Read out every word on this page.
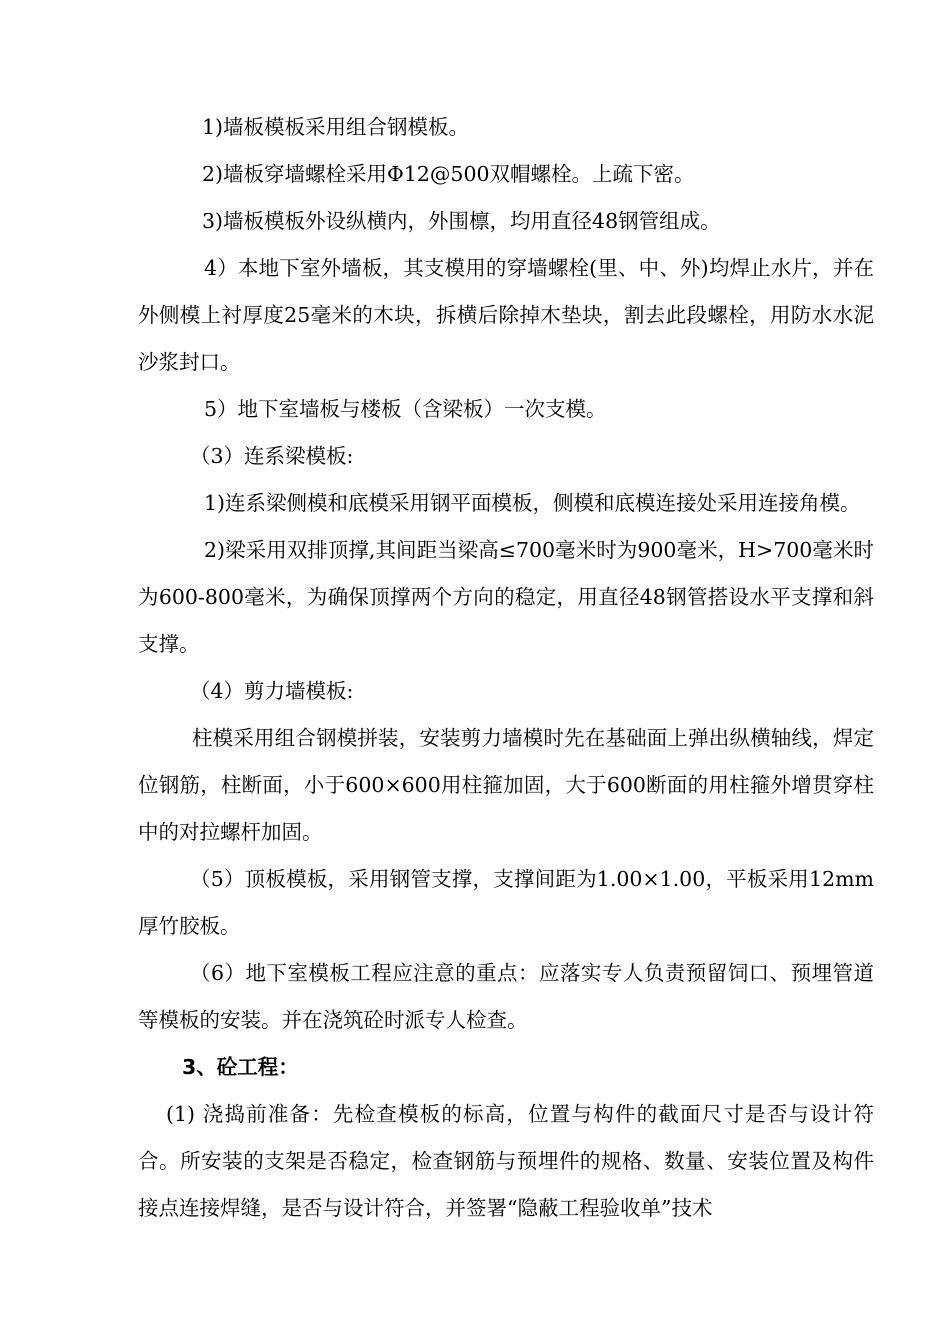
1)墙板模板采用组合钢模板。

2)墙板穿墙螺栓采用Φ12@500双帽螺栓。上疏下密。

3)墙板模板外设纵横内，外围檩，均用直径48钢管组成。

4）本地下室外墙板，其支模用的穿墙螺栓(里、中、外)均焊止水片，并在外侧模上衬厚度25毫米的木块，拆横后除掉木垫块，割去此段螺栓，用防水水泥沙浆封口。

5）地下室墙板与楼板（含梁板）一次支模。

（3）连系梁模板:

1)连系梁侧模和底模采用钢平面模板，侧模和底模连接处采用连接角模。

2)梁采用双排顶撑,其间距当梁高≤700毫米时为900毫米，H>700毫米时为600-800毫米，为确保顶撑两个方向的稳定，用直径48钢管搭设水平支撑和斜支撑。

（4）剪力墙模板:

柱模采用组合钢模拼装，安装剪力墙模时先在基础面上弹出纵横轴线，焊定位钢筋，柱断面，小于600×600用柱箍加固，大于600断面的用柱箍外增贯穿柱中的对拉螺杆加固。

（5）顶板模板，采用钢管支撑，支撑间距为1.00×1.00，平板采用12mm厚竹胶板。

（6）地下室模板工程应注意的重点：应落实专人负责预留饲口、预埋管道等模板的安装。并在浇筑砼时派专人检查。

3、砼工程：

(1) 浇捣前准备：先检查模板的标高，位置与构件的截面尺寸是否与设计符合。所安装的支架是否稳定，检查钢筋与预埋件的规格、数量、安装位置及构件接点连接焊缝，是否与设计符合，并签署“隐蔽工程验收单”技术
